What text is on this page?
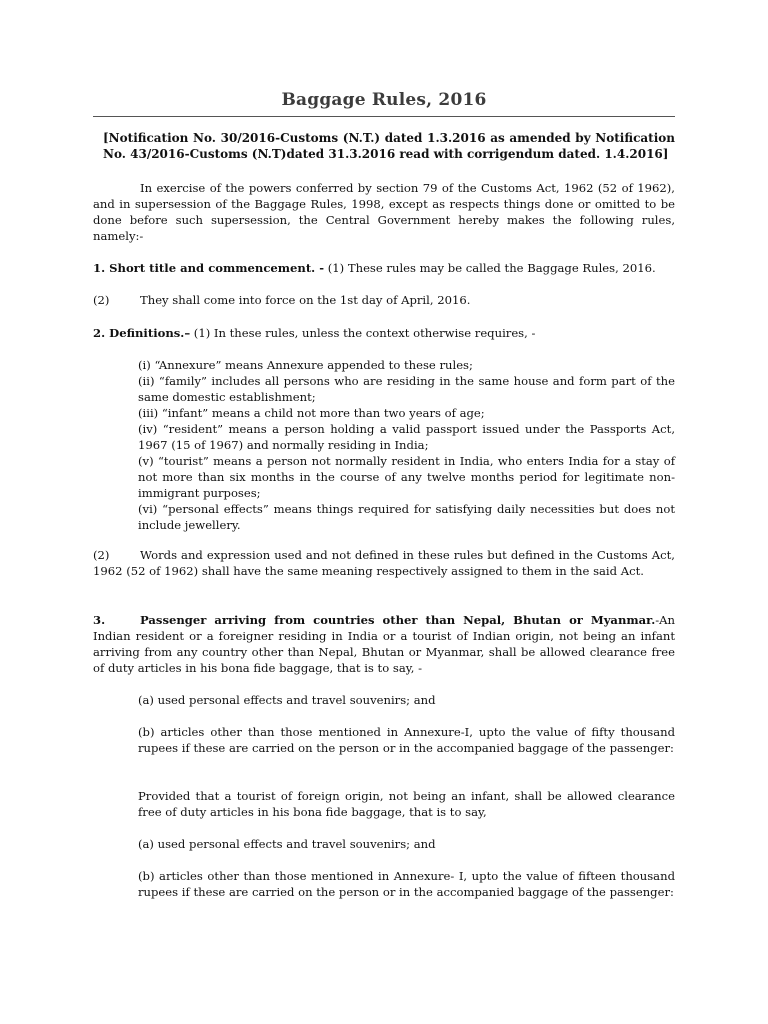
Baggage Rules, 2016

[Notification No. 30/2016-Customs (N.T.) dated 1.3.2016 as amended by Notification No. 43/2016-Customs (N.T)dated 31.3.2016 read with corrigendum dated. 1.4.2016]

In exercise of the powers conferred by section 79 of the Customs Act, 1962 (52 of 1962), and in supersession of the Baggage Rules, 1998, except as respects things done or omitted to be done before such supersession, the Central Government hereby makes the following rules, namely:-

1. Short title and commencement. - (1) These rules may be called the Baggage Rules, 2016.

(2)	They shall come into force on the 1st day of April, 2016.

2. Definitions.– (1) In these rules, unless the context otherwise requires, -

(i) “Annexure” means Annexure appended to these rules;
(ii) “family” includes all persons who are residing in the same house and form part of the same domestic establishment;
(iii) “infant” means a child not more than two years of age;
(iv) “resident” means a person holding a valid passport issued under the Passports Act, 1967 (15 of 1967) and normally residing in India;
(v) “tourist” means a person not normally resident in India, who enters India for a stay of not more than six months in the course of any twelve months period for legitimate non-immigrant purposes;
(vi) “personal effects” means things required for satisfying daily necessities but does not include jewellery.

(2)	Words and expression used and not defined in these rules but defined in the Customs Act, 1962 (52 of 1962) shall have the same meaning respectively assigned to them in the said Act.

3.	Passenger arriving from countries other than Nepal, Bhutan or Myanmar.-An Indian resident or a foreigner residing in India or a tourist of Indian origin, not being an infant arriving from any country other than Nepal, Bhutan or Myanmar, shall be allowed clearance free of duty articles in his bona fide baggage, that is to say, -

(a) used personal effects and travel souvenirs; and

(b) articles other than those mentioned in Annexure-I, upto the value of fifty thousand rupees if these are carried on the person or in the accompanied baggage of the passenger:

Provided that a tourist of foreign origin, not being an infant, shall be allowed clearance free of duty articles in his bona fide baggage, that is to say,

(a) used personal effects and travel souvenirs; and

(b) articles other than those mentioned in Annexure- I, upto the value of fifteen thousand rupees if these are carried on the person or in the accompanied baggage of the passenger:
